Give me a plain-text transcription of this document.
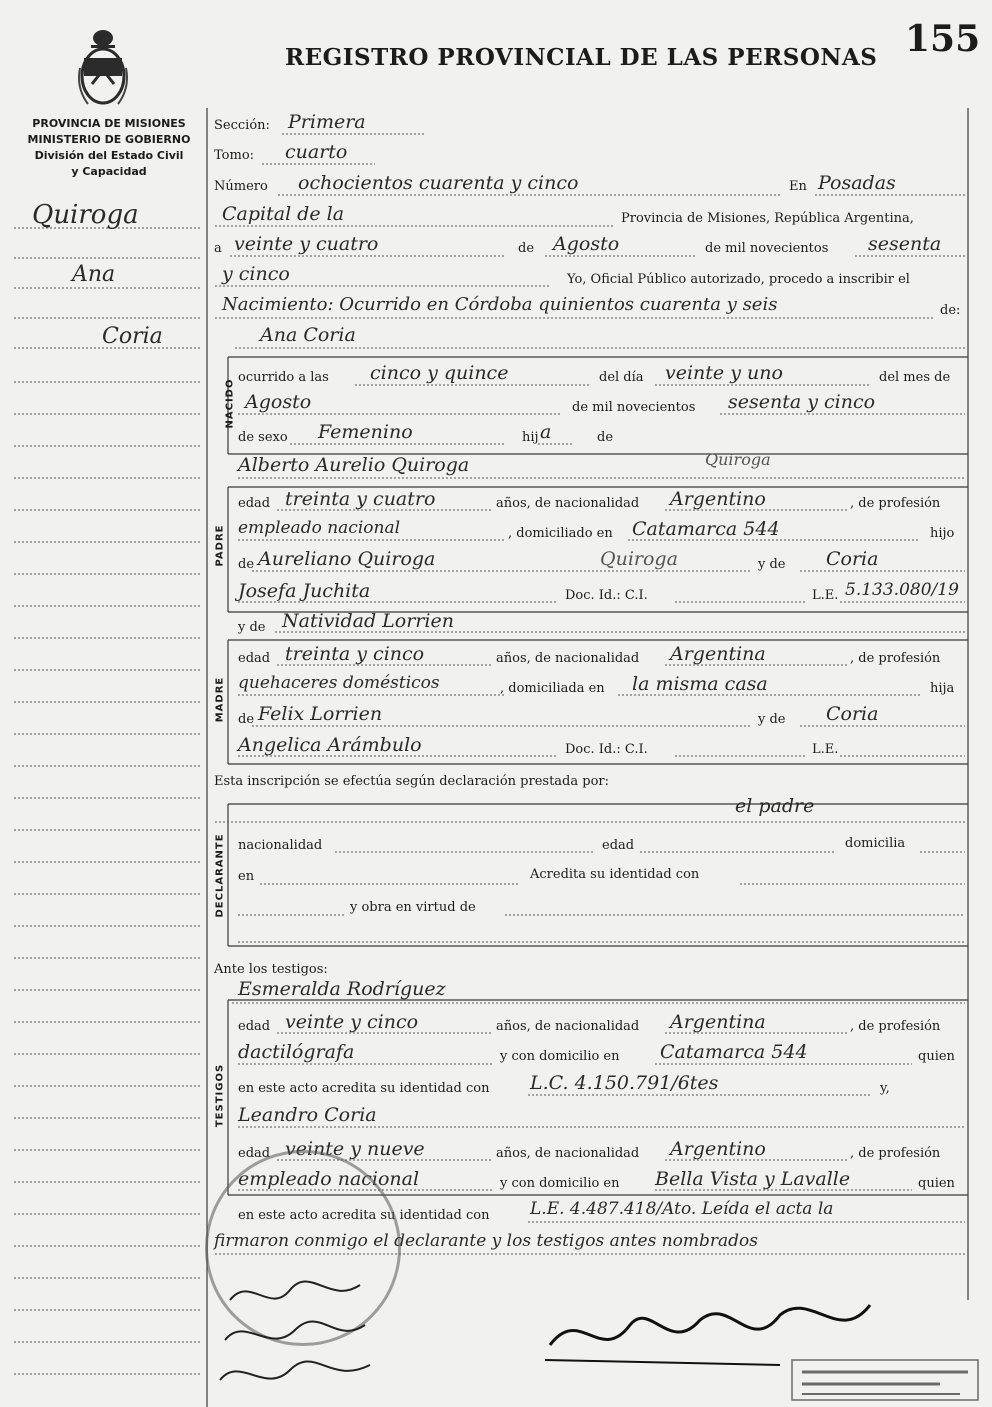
REGISTRO PROVINCIAL DE LAS PERSONAS 155
PROVINCIA DE MISIONES
MINISTERIO DE GOBIERNO
División del Estado Civil
y Capacidad
Quiroga
Ana
Coria
Sección: Primera
Tomo: cuarto
Número ochocientos cuarenta y cinco	En Posadas
Capital de la	Provincia de Misiones, República Argentina,
a veinte y cuatro	de Agosto	de mil novecientos sesenta
y cinco	Yo, Oficial Público autorizado, procedo a inscribir el
Nacimiento: Ocurrido en Córdoba quinientos cuarenta y seis	de:
Ana Coria
NACIDO
ocurrido a las cinco y quince	del día veinte y uno	del mes de
Agosto	de mil novecientos sesenta y cinco
de sexo Femenino	hij a	de
Alberto Aurelio Quiroga	Quiroga
PADRE
edad treinta y cuatro	años, de nacionalidad Argentino	, de profesión
empleado nacional	, domiciliado en Catamarca 544	hijo
de Aureliano Quiroga	Quiroga	y de Coria
Josefa Juchita	Doc. Id.: C.I.	L.E. 5.133.080/19
y de Natividad Lorrien
MADRE
edad treinta y cinco	años, de nacionalidad Argentina	, de profesión
quehaceres domésticos	, domiciliada en la misma casa	hija
de Felix Lorrien	y de Coria
Angelica Arámbulo	Doc. Id.: C.I.	L.E.
Esta inscripción se efectúa según declaración prestada por:
el padre
DECLARANTE nacionalidad	edad	domicilia
en	Acredita su identidad con
y obra en virtud de
Ante los testigos:
Esmeralda Rodríguez
TESTIGOS
edad veinte y cinco	años, de nacionalidad Argentina	, de profesión
dactilógrafa	y con domicilio en Catamarca 544	quien
en este acto acredita su identidad con L.C. 4.150.791/6tes	y,
Leandro Coria
edad veinte y nueve	años, de nacionalidad Argentino	, de profesión
empleado nacional	y con domicilio en Bella Vista y Lavalle	quien
en este acto acredita su identidad con L.E. 4.487.418/Ato. Leída el acta la
firmaron conmigo el declarante y los testigos antes nombrados
